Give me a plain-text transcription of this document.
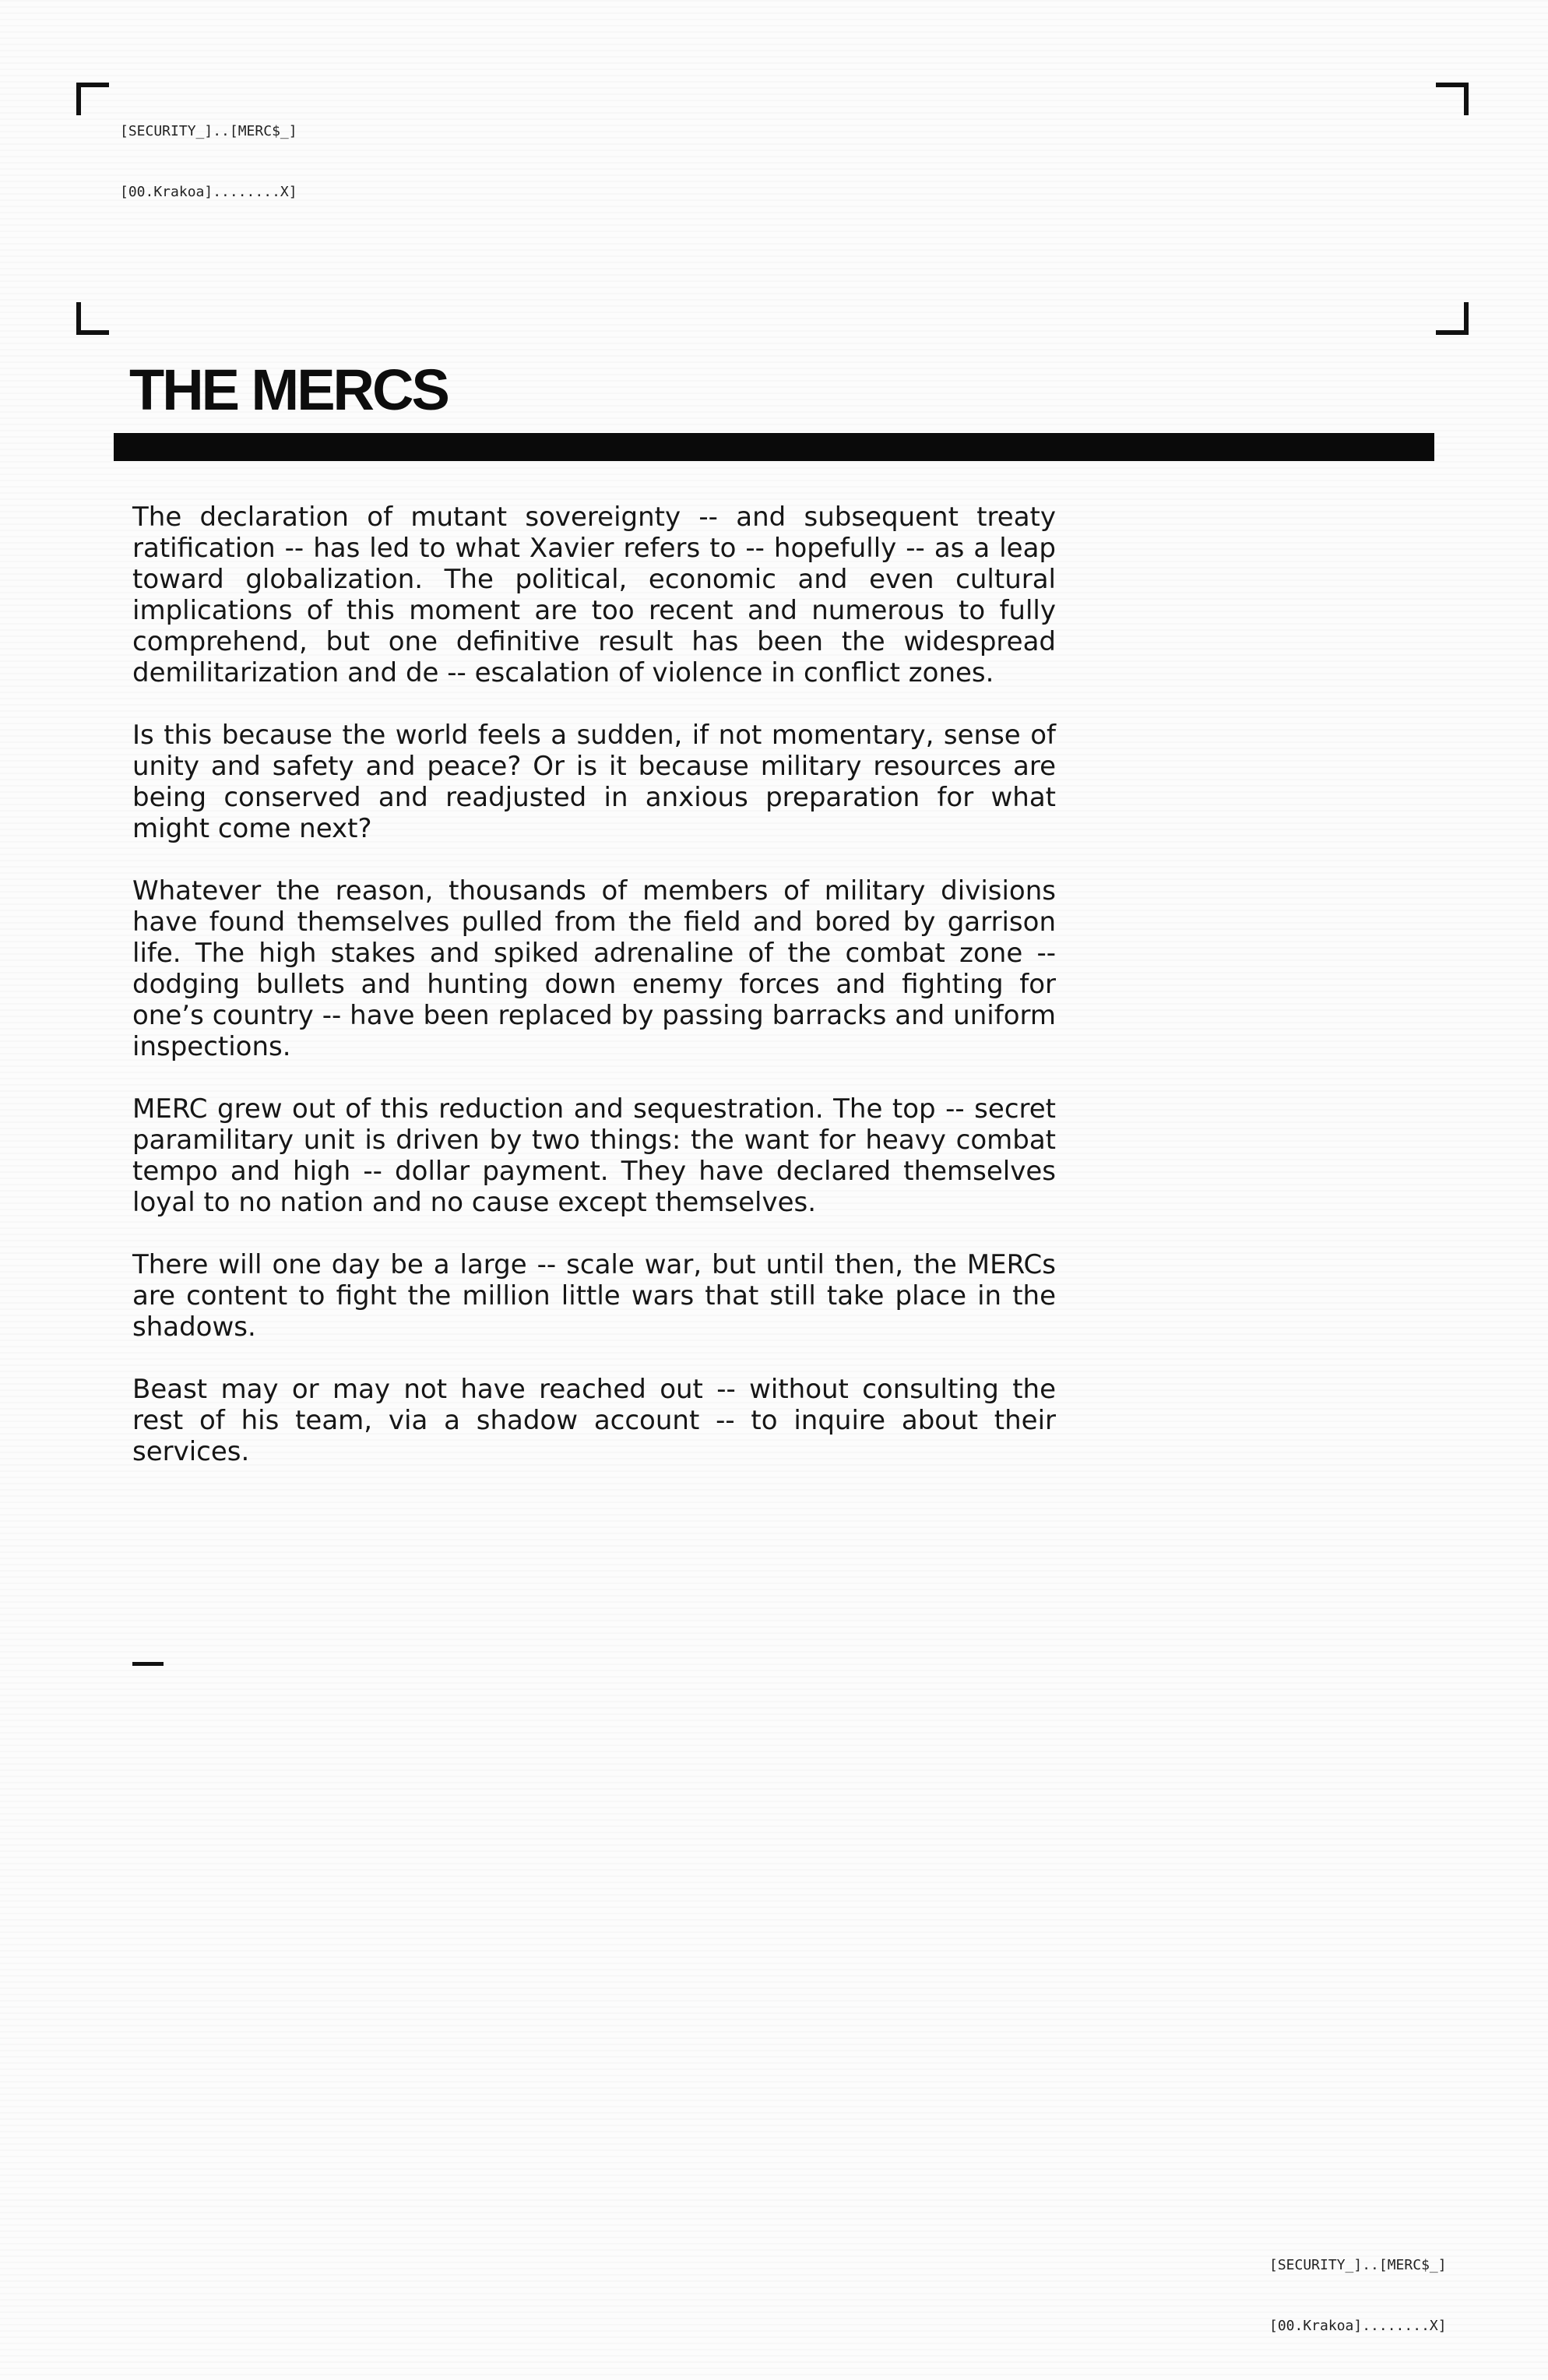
[SECURITY_]..[MERC$_]

[00.Krakoa]........X]

THE MERCS

The declaration of mutant sovereignty -- and subsequent treaty ratification -- has led to what Xavier refers to -- hopefully -- as a leap toward globalization. The political, economic and even cultural implications of this moment are too recent and numerous to fully comprehend, but one definitive result has been the widespread demilitarization and de -- escalation of violence in conflict zones.

Is this because the world feels a sudden, if not momentary, sense of unity and safety and peace? Or is it because military resources are being conserved and readjusted in anxious preparation for what might come next?

Whatever the reason, thousands of members of military divisions have found themselves pulled from the field and bored by garrison life. The high stakes and spiked adrenaline of the combat zone -- dodging bullets and hunting down enemy forces and fighting for one’s country -- have been replaced by passing barracks and uniform inspections.

MERC grew out of this reduction and sequestration. The top -- secret paramilitary unit is driven by two things: the want for heavy combat tempo and high -- dollar payment. They have declared themselves loyal to no nation and no cause except themselves.

There will one day be a large -- scale war, but until then, the MERCs are content to fight the million little wars that still take place in the shadows.

Beast may or may not have reached out -- without consulting the rest of his team, via a shadow account -- to inquire about their services.

[SECURITY_]..[MERC$_]

[00.Krakoa]........X]
